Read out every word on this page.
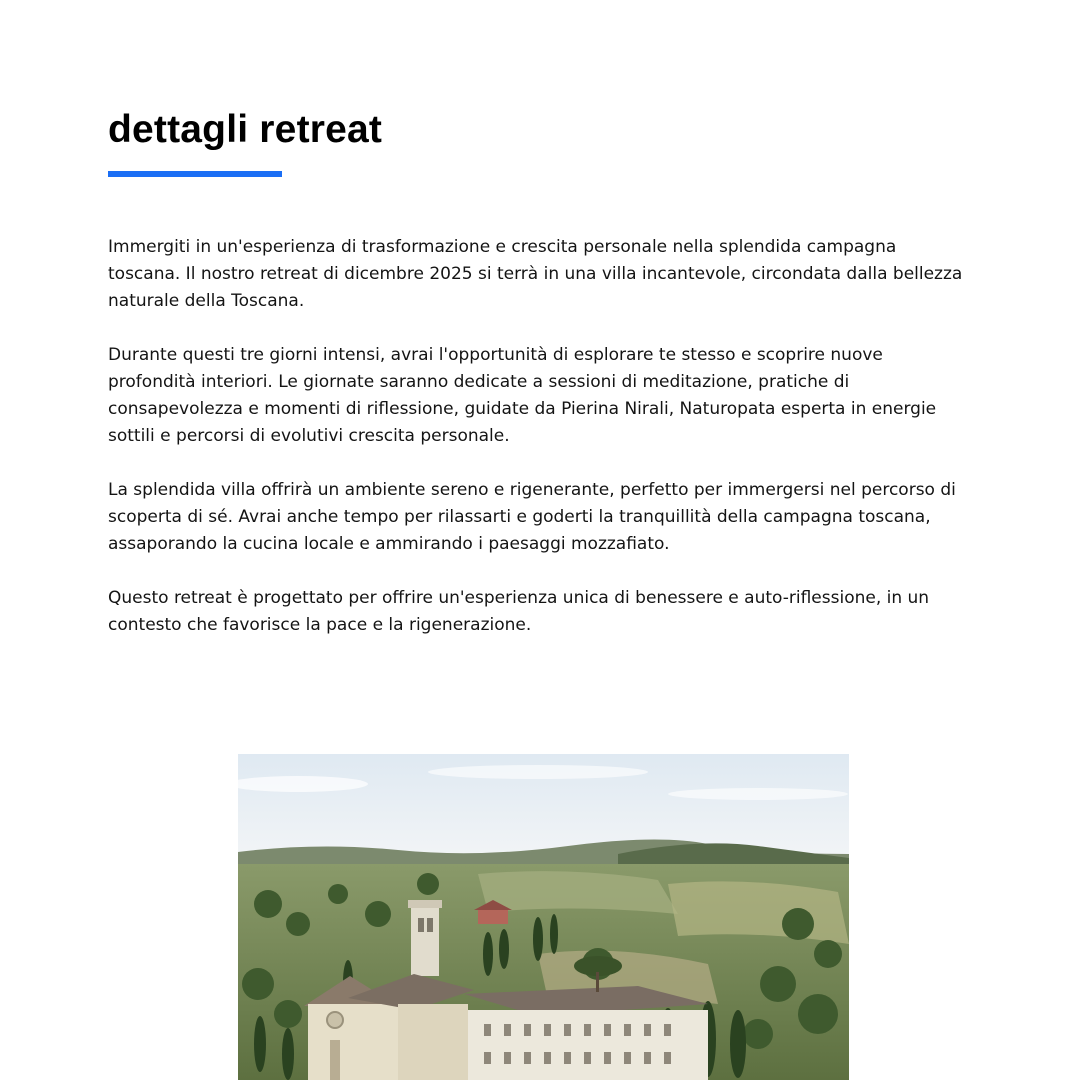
dettagli retreat

Immergiti in un'esperienza di trasformazione e crescita personale nella splendida campagna toscana. Il nostro retreat di dicembre 2025 si terrà in una villa incantevole, circondata dalla bellezza naturale della Toscana.

Durante questi tre giorni intensi, avrai l'opportunità di esplorare te stesso e scoprire nuove profondità interiori. Le giornate saranno dedicate a sessioni di meditazione, pratiche di consapevolezza e momenti di riflessione, guidate da Pierina Nirali, Naturopata esperta in energie sottili e percorsi di evolutivi crescita personale.

La splendida villa offrirà un ambiente sereno e rigenerante, perfetto per immergersi nel percorso di scoperta di sé. Avrai anche tempo per rilassarti e goderti la tranquillità della campagna toscana, assaporando la cucina locale e ammirando i paesaggi mozzafiato.

Questo retreat è progettato per offrire un'esperienza unica di benessere e auto-riflessione, in un contesto che favorisce la pace e la rigenerazione.
